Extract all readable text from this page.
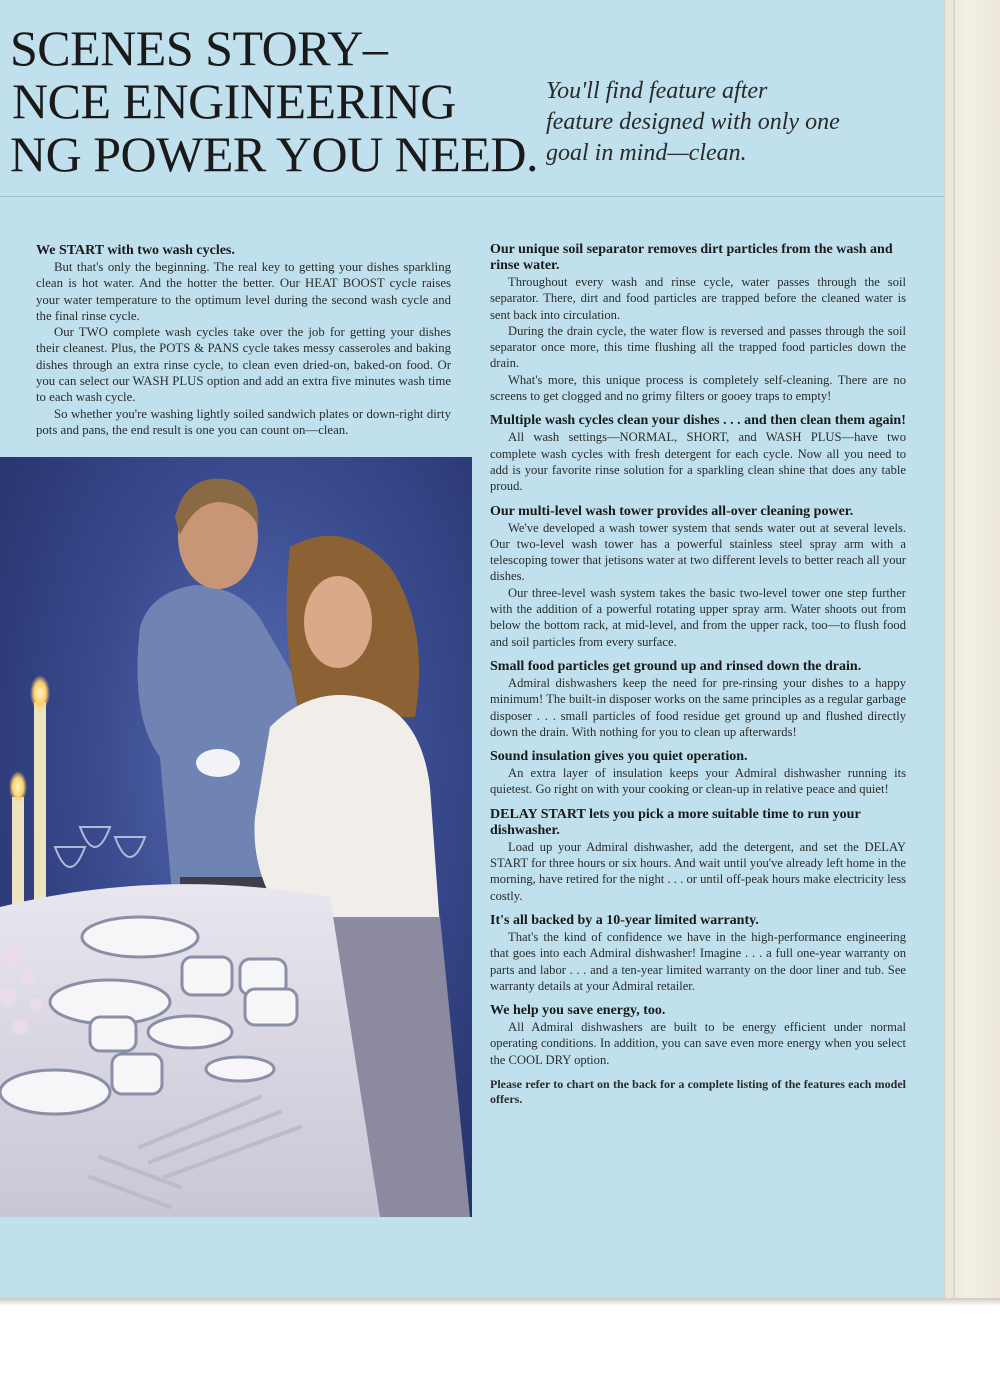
SCENES STORY–
NCE ENGINEERING
NG POWER YOU NEED.

You'll find feature after
feature designed with only one
goal in mind—clean.

We START with two wash cycles.

But that's only the beginning. The real key to getting your dishes sparkling clean is hot water. And the hotter the better. Our HEAT BOOST cycle raises your water temperature to the optimum level during the second wash cycle and the final rinse cycle.

Our TWO complete wash cycles take over the job for getting your dishes their cleanest. Plus, the POTS & PANS cycle takes messy casseroles and baking dishes through an extra rinse cycle, to clean even dried-on, baked-on food. Or you can select our WASH PLUS option and add an extra five minutes wash time to each wash cycle.

So whether you're washing lightly soiled sandwich plates or down-right dirty pots and pans, the end result is one you can count on—clean.

Our unique soil separator removes dirt particles from the wash and rinse water.

Throughout every wash and rinse cycle, water passes through the soil separator. There, dirt and food particles are trapped before the cleaned water is sent back into circulation.

During the drain cycle, the water flow is reversed and passes through the soil separator once more, this time flushing all the trapped food particles down the drain.

What's more, this unique process is completely self-cleaning. There are no screens to get clogged and no grimy filters or gooey traps to empty!

Multiple wash cycles clean your dishes . . . and then clean them again!

All wash settings—NORMAL, SHORT, and WASH PLUS—have two complete wash cycles with fresh detergent for each cycle. Now all you need to add is your favorite rinse solution for a sparkling clean shine that does any table proud.

Our multi-level wash tower provides all-over cleaning power.

We've developed a wash tower system that sends water out at several levels. Our two-level wash tower has a powerful stainless steel spray arm with a telescoping tower that jetisons water at two different levels to better reach all your dishes.

Our three-level wash system takes the basic two-level tower one step further with the addition of a powerful rotating upper spray arm. Water shoots out from below the bottom rack, at mid-level, and from the upper rack, too—to flush food and soil particles from every surface.

Small food particles get ground up and rinsed down the drain.

Admiral dishwashers keep the need for pre-rinsing your dishes to a happy minimum! The built-in disposer works on the same principles as a regular garbage disposer . . . small particles of food residue get ground up and flushed directly down the drain. With nothing for you to clean up afterwards!

Sound insulation gives you quiet operation.

An extra layer of insulation keeps your Admiral dishwasher running its quietest. Go right on with your cooking or clean-up in relative peace and quiet!

DELAY START lets you pick a more suitable time to run your dishwasher.

Load up your Admiral dishwasher, add the detergent, and set the DELAY START for three hours or six hours. And wait until you've already left home in the morning, have retired for the night . . . or until off-peak hours make electricity less costly.

It's all backed by a 10-year limited warranty.

That's the kind of confidence we have in the high-performance engineering that goes into each Admiral dishwasher! Imagine . . . a full one-year warranty on parts and labor . . . and a ten-year limited warranty on the door liner and tub. See warranty details at your Admiral retailer.

We help you save energy, too.

All Admiral dishwashers are built to be energy efficient under normal operating conditions. In addition, you can save even more energy when you select the COOL DRY option.

Please refer to chart on the back for a complete listing of the features each model offers.
